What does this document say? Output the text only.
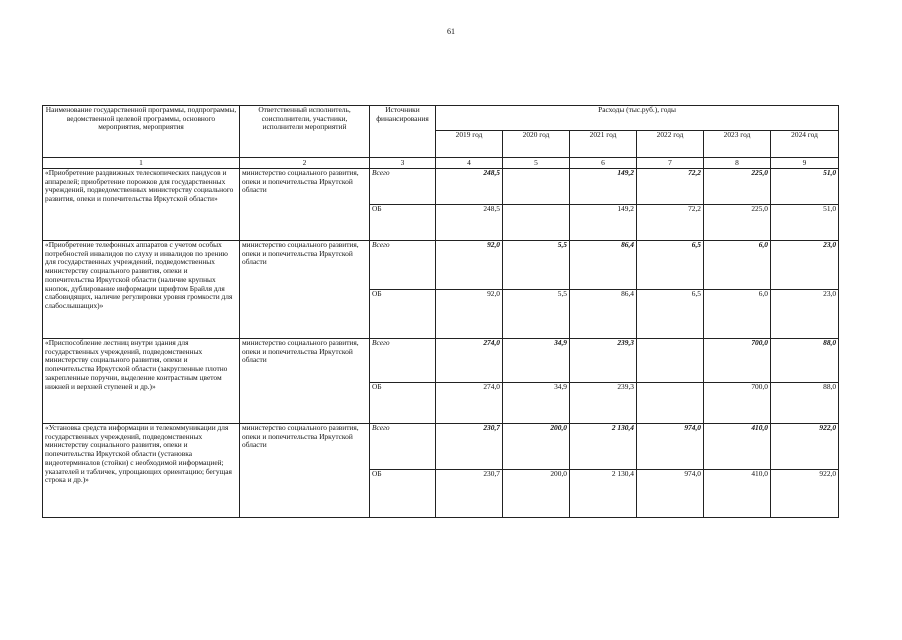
61
Наименование государственной программы, подпрограммы, ведомственной целевой программы, основного мероприятия, мероприятия	Ответственный исполнитель, соисполнители, участники, исполнители мероприятий	Источники финансирования	Расходы (тыс.руб.), годы					
			2019 год	2020 год	2021 год	2022 год	2023 год	2024 год
1	2	3	4	5	6	7	8	9
«Приобретение раздвижных телескопических пандусов и аппарелей; приобретение порожков для государственных учреждений, подведомственных министерству социального развития, опеки и попечительства Иркутской области»	министерство социального развития, опеки и попечительства Иркутской области	Всего	248,5		149,2	72,2	225,0	51,0
		ОБ	248,5		149,2	72,2	225,0	51,0
«Приобретение телефонных аппаратов с учетом особых потребностей инвалидов по слуху и инвалидов по зрению для государственных учреждений, подведомственных министерству социального развития, опеки и попечительства Иркутской области (наличие крупных кнопок, дублирование информации шрифтом Брайля для слабовидящих, наличие регулировки уровня громкости для слабослышащих)»	министерство социального развития, опеки и попечительства Иркутской области	Всего	92,0	5,5	86,4	6,5	6,0	23,0
		ОБ	92,0	5,5	86,4	6,5	6,0	23,0
«Приспособление лестниц внутри здания для государственных учреждений, подведомственных министерству социального развития, опеки и попечительства Иркутской области (закругленные плотно закрепленные поручни, выделение контрастным цветом нижней и верхней ступеней и др.)»	министерство социального развития, опеки и попечительства Иркутской области	Всего	274,0	34,9	239,3		700,0	88,0
		ОБ	274,0	34,9	239,3		700,0	88,0
«Установка средств информации и телекоммуникации для государственных учреждений, подведомственных министерству социального развития, опеки и попечительства Иркутской области (установка видеотерминалов (стойки) с необходимой информацией; указателей и табличек, упрощающих ориентацию; бегущая строка и др.)»	министерство социального развития, опеки и попечительства Иркутской области	Всего	230,7	200,0	2 130,4	974,0	410,0	922,0
		ОБ	230,7	200,0	2 130,4	974,0	410,0	922,0
